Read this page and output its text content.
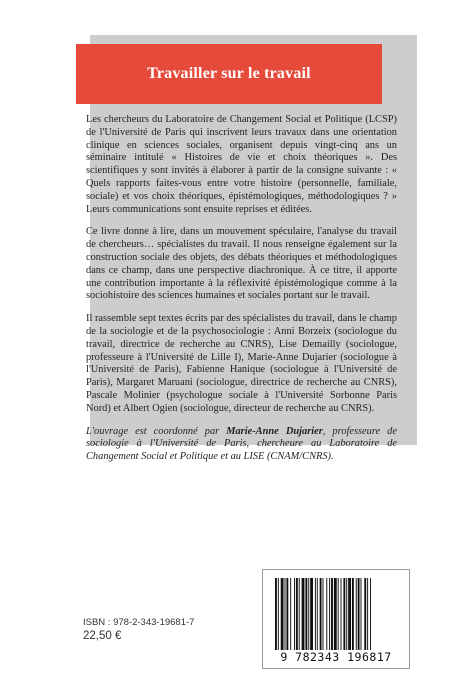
Travailler sur le travail

Les chercheurs du Laboratoire de Changement Social et Politique (LCSP) de l'Université de Paris qui inscrivent leurs travaux dans une orientation clinique en sciences sociales, organisent depuis vingt-cinq ans un séminaire intitulé « Histoires de vie et choix théoriques ». Des scientifiques y sont invités à élaborer à partir de la consigne suivante : « Quels rapports faites-vous entre votre histoire (personnelle, familiale, sociale) et vos choix théoriques, épistémologiques, méthodologiques ? » Leurs communications sont ensuite reprises et éditées.

Ce livre donne à lire, dans un mouvement spéculaire, l'analyse du travail de chercheurs… spécialistes du travail. Il nous renseigne également sur la construction sociale des objets, des débats théoriques et méthodologiques dans ce champ, dans une perspective diachronique. À ce titre, il apporte une contribution importante à la réflexivité épistémologique comme à la sociohistoire des sciences humaines et sociales portant sur le travail.

Il rassemble sept textes écrits par des spécialistes du travail, dans le champ de la sociologie et de la psychosociologie : Anni Borzeix (sociologue du travail, directrice de recherche au CNRS), Lise Demailly (sociologue, professeure à l'Université de Lille I), Marie-Anne Dujarier (sociologue à l'Université de Paris), Fabienne Hanique (sociologue à l'Université de Paris), Margaret Maruani (sociologue, directrice de recherche au CNRS), Pascale Molinier (psychologue sociale à l'Université Sorbonne Paris Nord) et Albert Ogien (sociologue, directeur de recherche au CNRS).

L'ouvrage est coordonné par Marie-Anne Dujarier, professeure de sociologie à l'Université de Paris, chercheure au Laboratoire de Changement Social et Politique et au LISE (CNAM/CNRS).

ISBN : 978-2-343-19681-7
22,50 €
9 782343 196817
